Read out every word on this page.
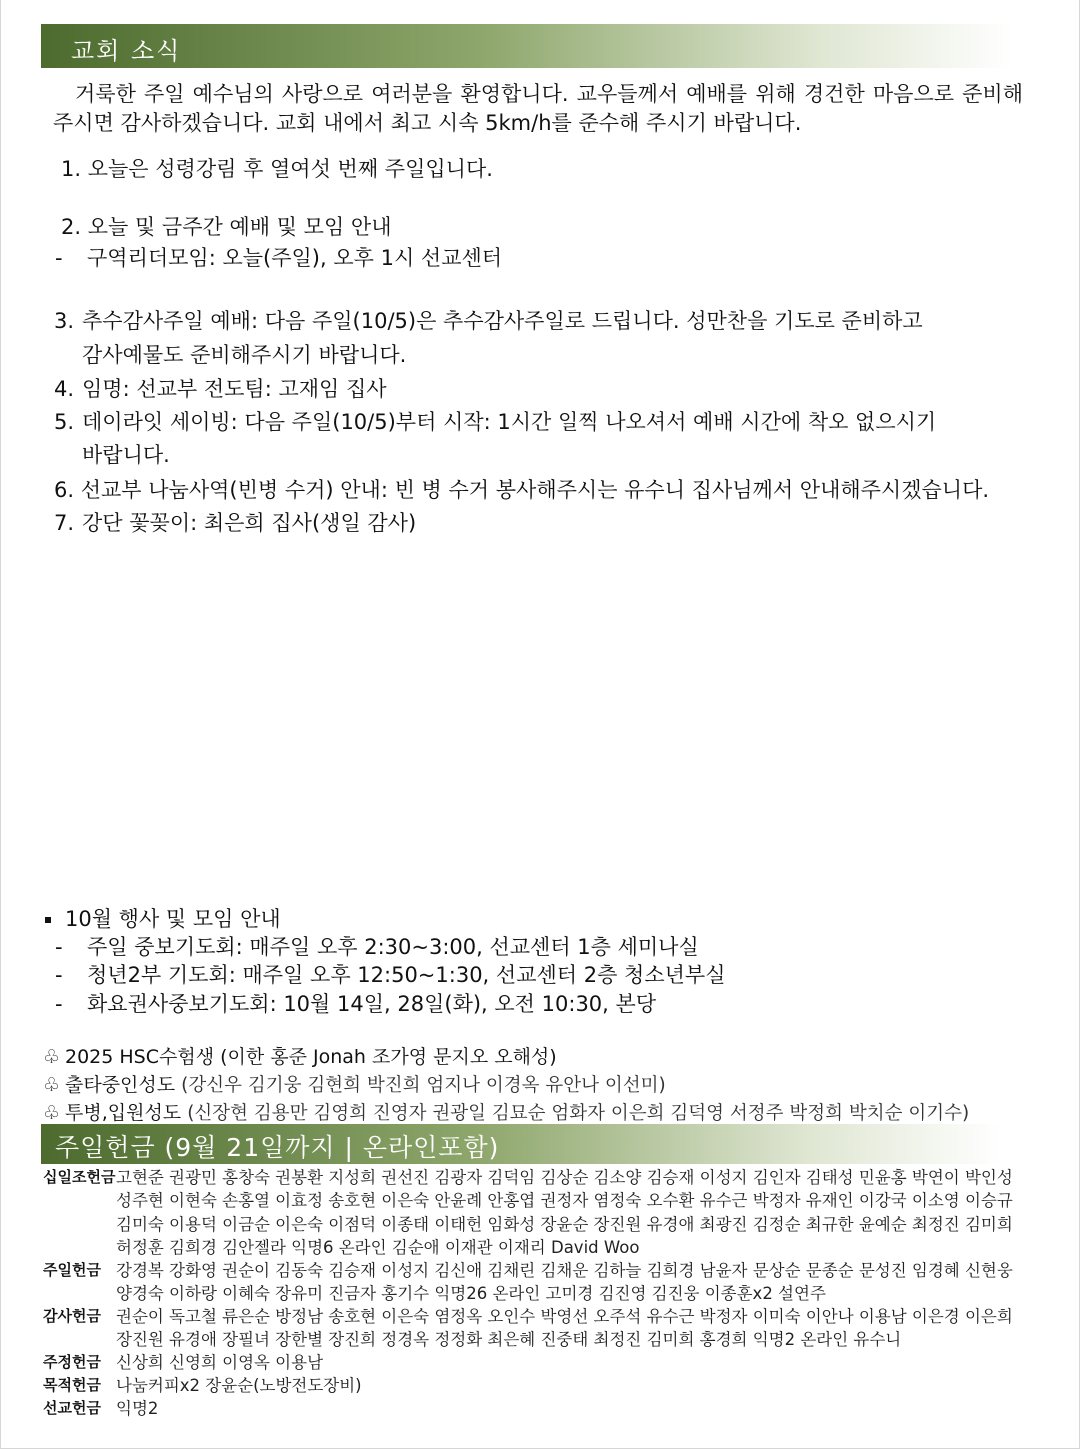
교회 소식
거룩한 주일 예수님의 사랑으로 여러분을 환영합니다. 교우들께서 예배를 위해 경건한 마음으로 준비해주시면 감사하겠습니다. 교회 내에서 최고 시속 5km/h를 준수해 주시기 바랍니다.
1. 오늘은 성령강림 후 열여섯 번째 주일입니다.
2. 오늘 및 금주간 예배 및 모임 안내
- 구역리더모임: 오늘(주일), 오후 1시 선교센터
3. 추수감사주일 예배: 다음 주일(10/5)은 추수감사주일로 드립니다. 성만찬을 기도로 준비하고
감사예물도 준비해주시기 바랍니다.
4. 임명: 선교부 전도팀: 고재임 집사
5. 데이라잇 세이빙: 다음 주일(10/5)부터 시작: 1시간 일찍 나오셔서 예배 시간에 착오 없으시기
바랍니다.
6. 선교부 나눔사역(빈병 수거) 안내: 빈 병 수거 봉사해주시는 유수니 집사님께서 안내해주시겠습니다.
7. 강단 꽃꽂이: 최은희 집사(생일 감사)
10월 행사 및 모임 안내
- 주일 중보기도회: 매주일 오후 2:30~3:00, 선교센터 1층 세미나실
- 청년2부 기도회: 매주일 오후 12:50~1:30, 선교센터 2층 청소년부실
- 화요권사중보기도회: 10월 14일, 28일(화), 오전 10:30, 본당
♧ 2025 HSC수험생 (이한 홍준 Jonah 조가영 문지오 오해성)
♧ 출타중인성도 (강신우 김기웅 김현희 박진희 엄지나 이경옥 유안나 이선미)
♧ 투병,입원성도 (신장현 김용만 김영희 진영자 권광일 김묘순 엄화자 이은희 김덕영 서정주 박정희 박치순 이기수)
주일헌금 (9월 21일까지 | 온라인포함)
십일조헌금 고현준 권광민 홍창숙 권봉환 지성희 권선진 김광자 김덕임 김상순 김소양 김승재 이성지 김인자 김태성 민윤홍 박연이 박인성 성주현 이현숙 손홍열 이효정 송호현 이은숙 안윤례 안홍엽 권정자 염정숙 오수환 유수근 박정자 유재인 이강국 이소영 이승규 김미숙 이용덕 이금순 이은숙 이점덕 이종태 이태헌 임화성 장윤순 장진원 유경애 최광진 김정순 최규한 윤예순 최정진 김미희 허정훈 김희경 김안젤라 익명6 온라인 김순애 이재관 이재리 David Woo
주일헌금 강경복 강화영 권순이 김동숙 김승재 이성지 김신애 김채린 김채운 김하늘 김희경 남윤자 문상순 문종순 문성진 임경혜 신현웅 양경숙 이하랑 이혜숙 장유미 진금자 홍기수 익명26 온라인 고미경 김진영 김진웅 이종훈x2 설연주
감사헌금 권순이 독고철 류은순 방정남 송호현 이은숙 염정옥 오인수 박영선 오주석 유수근 박정자 이미숙 이안나 이용남 이은경 이은희 장진원 유경애 장필녀 장한별 장진희 정경옥 정정화 최은혜 진중태 최정진 김미희 홍경희 익명2 온라인 유수니
주정헌금 신상희 신영희 이영옥 이용남
목적헌금 나눔커피x2 장윤순(노방전도장비)
선교헌금 익명2
